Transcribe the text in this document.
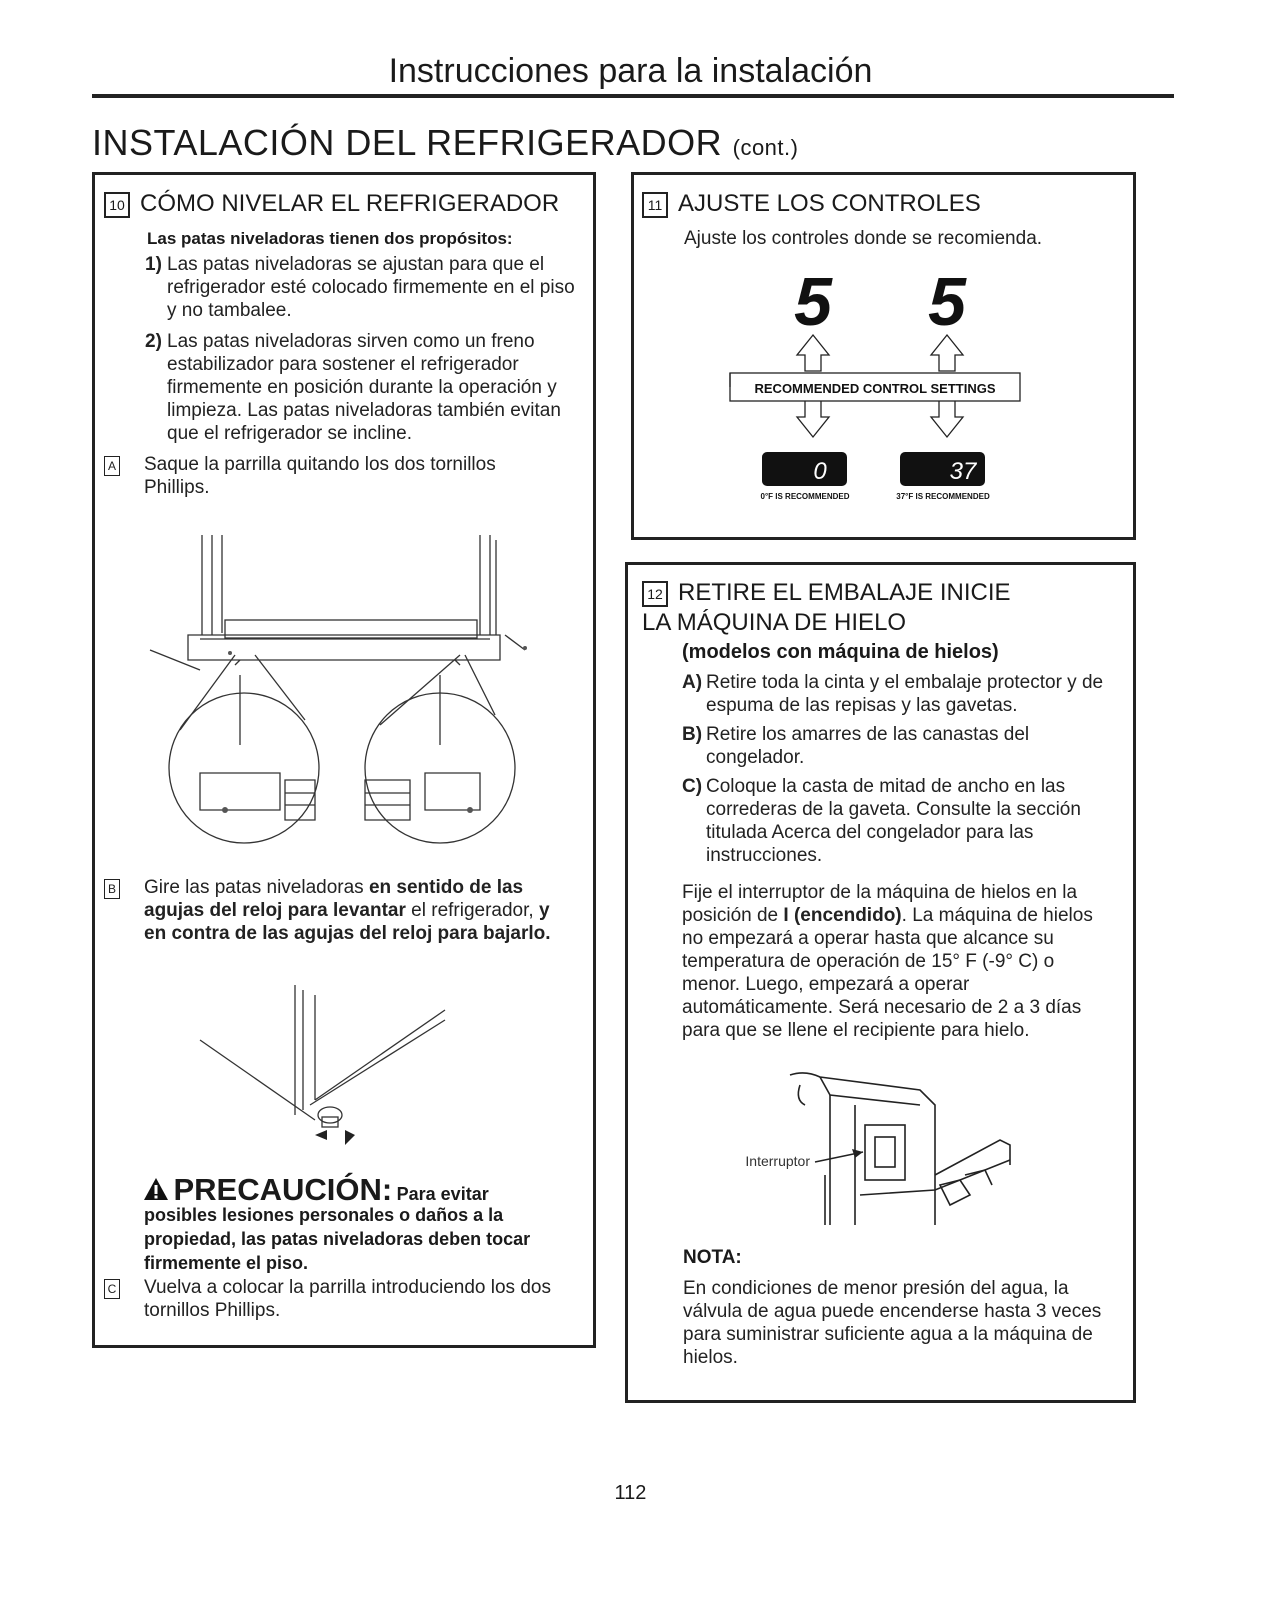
Instrucciones para la instalación
INSTALACIÓN DEL REFRIGERADOR (cont.)
10 CÓMO NIVELAR EL REFRIGERADOR
Las patas niveladoras tienen dos propósitos:
1) Las patas niveladoras se ajustan para que el refrigerador esté colocado firmemente en el piso y no tambalee.
2) Las patas niveladoras sirven como un freno estabilizador para sostener el refrigerador firmemente en posición durante la operación y limpieza. Las patas niveladoras también evitan que el refrigerador se incline.
A Saque la parrilla quitando los dos tornillos Phillips.
B Gire las patas niveladoras en sentido de las agujas del reloj para levantar el refrigerador, y en contra de las agujas del reloj para bajarlo.
PRECAUCIÓN: Para evitar
posibles lesiones personales o daños a la propiedad, las patas niveladoras deben tocar firmemente el piso.
C Vuelva a colocar la parrilla introduciendo los dos tornillos Phillips.
11 AJUSTE LOS CONTROLES
Ajuste los controles donde se recomienda.
5 5
RECOMMENDED CONTROL SETTINGS
0	37
0°F IS RECOMMENDED	37°F IS RECOMMENDED
12 RETIRE EL EMBALAJE INICIE
LA MÁQUINA DE HIELO
(modelos con máquina de hielos)
A) Retire toda la cinta y el embalaje protector y de espuma de las repisas y las gavetas.
B) Retire los amarres de las canastas del congelador.
C) Coloque la casta de mitad de ancho en las correderas de la gaveta. Consulte la sección titulada Acerca del congelador para las instrucciones.
Fije el interruptor de la máquina de hielos en la posición de I (encendido). La máquina de hielos no empezará a operar hasta que alcance su temperatura de operación de 15° F (-9° C) o menor. Luego, empezará a operar automáticamente. Será necesario de 2 a 3 días para que se llene el recipiente para hielo.
Interruptor
NOTA:
En condiciones de menor presión del agua, la válvula de agua puede encenderse hasta 3 veces para suministrar suficiente agua a la máquina de hielos.
112
